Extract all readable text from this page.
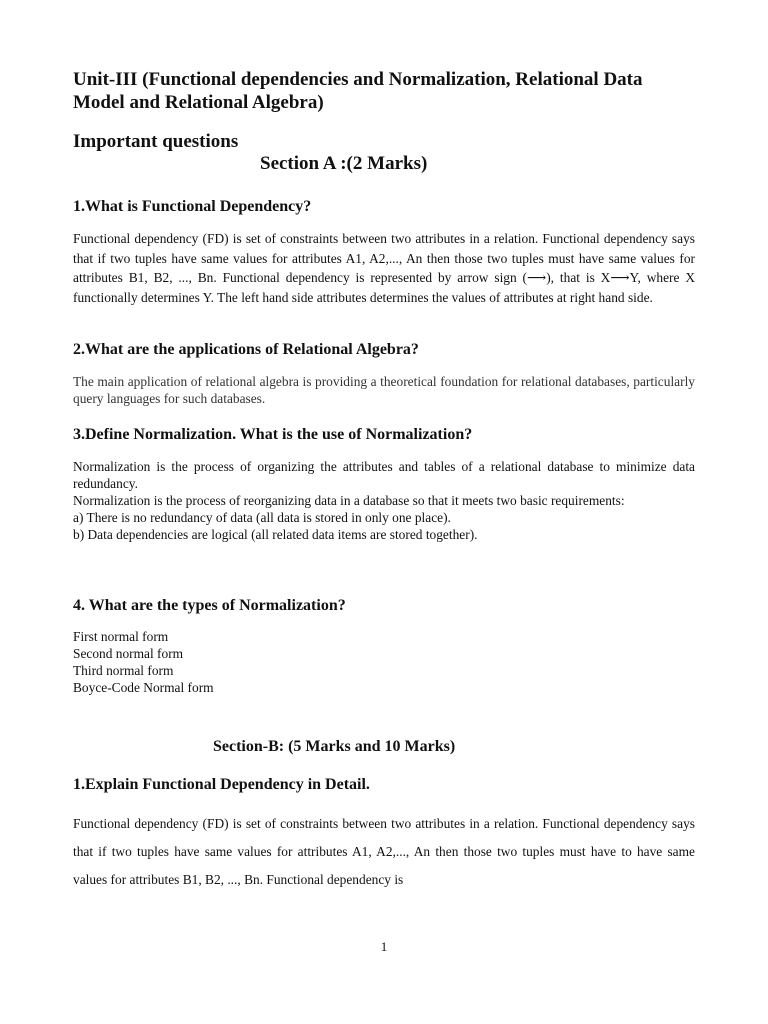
Unit-III (Functional dependencies and Normalization, Relational Data Model and Relational Algebra)
Important questions
Section A :(2 Marks)
1.What is Functional Dependency?

Functional dependency (FD) is set of constraints between two attributes in a relation. Functional dependency says that if two tuples have same values for attributes A1, A2,..., An then those two tuples must have same values for attributes B1, B2, ..., Bn. Functional dependency is represented by arrow sign (⟶), that is X⟶Y, where X functionally determines Y. The left hand side attributes determines the values of attributes at right hand side.

2.What are the applications of Relational Algebra?

The main application of relational algebra is providing a theoretical foundation for relational databases, particularly query languages for such databases.

3.Define Normalization. What is the use of Normalization?
Normalization is the process of organizing the attributes and tables of a relational database to minimize data redundancy.
Normalization is the process of reorganizing data in a database so that it meets two basic requirements:
a) There is no redundancy of data (all data is stored in only one place).
b) Data dependencies are logical (all related data items are stored together).
4. What are the types of Normalization?
First normal form
Second normal form
Third normal form
Boyce-Code Normal form
Section-B: (5 Marks and 10 Marks)
1.Explain Functional Dependency in Detail.

Functional dependency (FD) is set of constraints between two attributes in a relation. Functional dependency says that if two tuples have same values for attributes A1, A2,..., An then those two tuples must have to have same values for attributes B1, B2, ..., Bn. Functional dependency is

1
